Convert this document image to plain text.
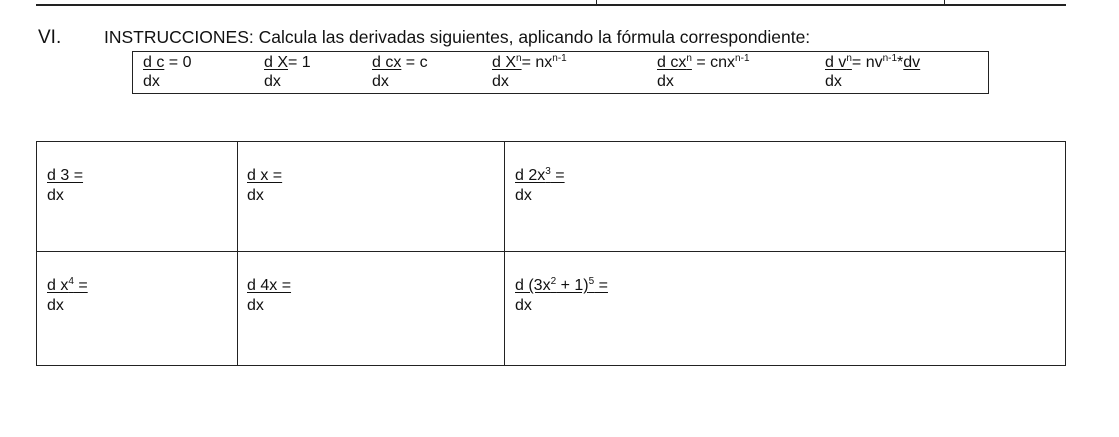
VI. INSTRUCCIONES: Calcula las derivadas siguientes, aplicando la fórmula correspondiente:
d c = 0
dx
d X= 1
dx
d cx = c
dx
d $X^n= nx^{n-1}$
dx
d $cx^n = cnx^{n-1}$
dx
d $v^n= nv^{n-1}*dv$
dx
$\frac{d 3 =}{dx}$	$\frac{\text{d x =}}{dx}$	$\frac{d 2x^3 =}{dx}$
$\frac{d x^4 =}{dx}$	$\frac{d 4x =}{dx}$	$\frac{d (3x^2 + 1)^5 =}{dx}$
